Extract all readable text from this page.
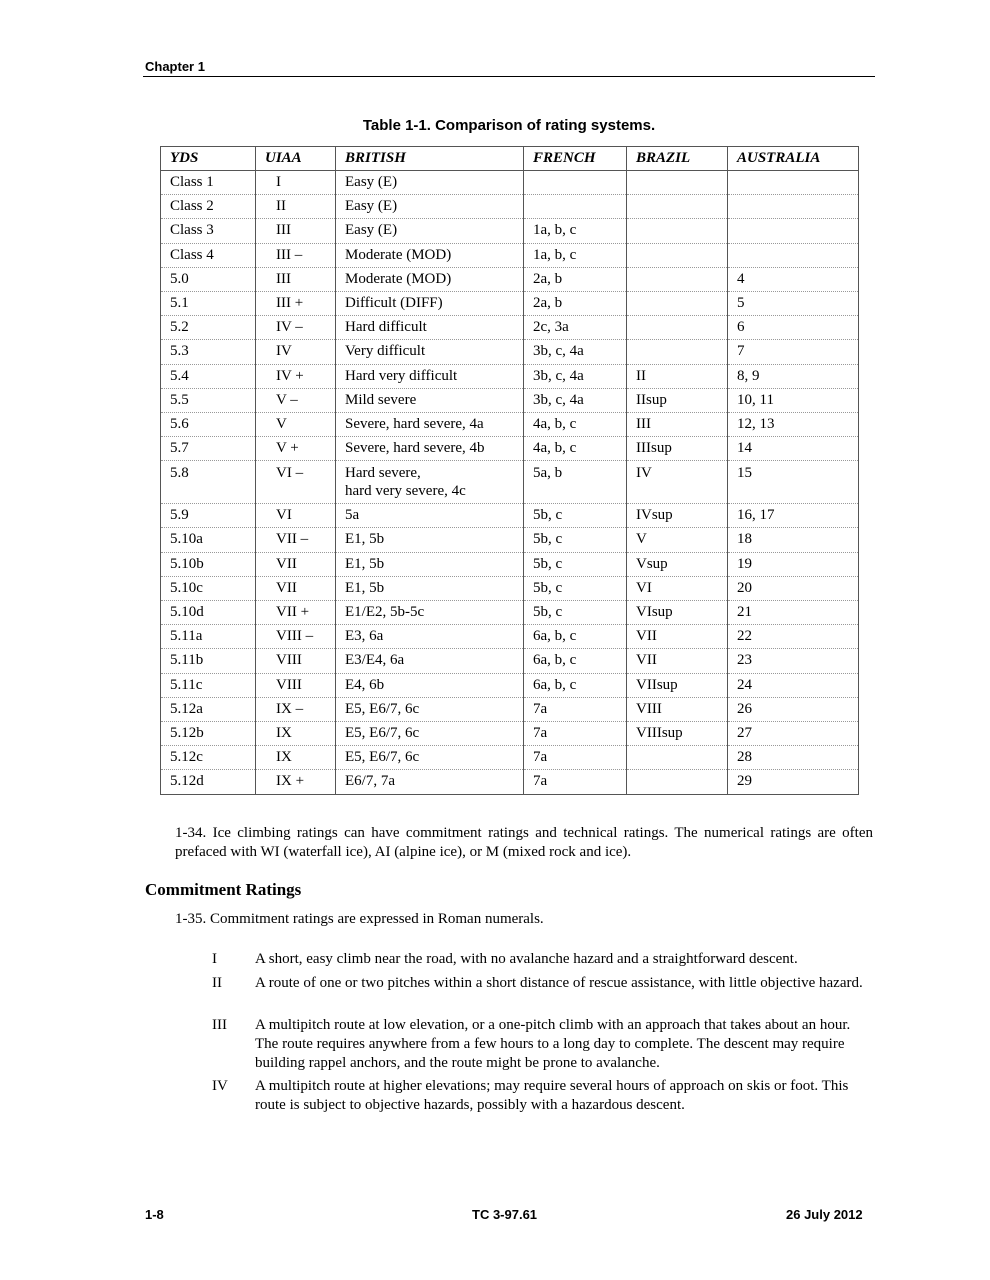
Chapter 1
Table 1-1. Comparison of rating systems.
YDS	UIAA	BRITISH	FRENCH	BRAZIL	AUSTRALIA
Class 1	I	Easy (E)			
Class 2	II	Easy (E)			
Class 3	III	Easy (E)	1a, b, c		
Class 4	III –	Moderate (MOD)	1a, b, c		
5.0	III	Moderate (MOD)	2a, b		4
5.1	III +	Difficult (DIFF)	2a, b		5
5.2	IV –	Hard difficult	2c, 3a		6
5.3	IV	Very difficult	3b, c, 4a		7
5.4	IV +	Hard very difficult	3b, c, 4a	II	8, 9
5.5	V –	Mild severe	3b, c, 4a	IIsup	10, 11
5.6	V	Severe, hard severe, 4a	4a, b, c	III	12, 13
5.7	V +	Severe, hard severe, 4b	4a, b, c	IIIsup	14
5.8	VI –	Hard severe,
hard very severe, 4c	5a, b	IV	15
5.9	VI	5a	5b, c	IVsup	16, 17
5.10a	VII –	E1, 5b	5b, c	V	18
5.10b	VII	E1, 5b	5b, c	Vsup	19
5.10c	VII	E1, 5b	5b, c	VI	20
5.10d	VII +	E1/E2, 5b-5c	5b, c	VIsup	21
5.11a	VIII –	E3, 6a	6a, b, c	VII	22
5.11b	VIII	E3/E4, 6a	6a, b, c	VII	23
5.11c	VIII	E4, 6b	6a, b, c	VIIsup	24
5.12a	IX –	E5, E6/7, 6c	7a	VIII	26
5.12b	IX	E5, E6/7, 6c	7a	VIIIsup	27
5.12c	IX	E5, E6/7, 6c	7a		28
5.12d	IX +	E6/7, 7a	7a		29
1-34. Ice climbing ratings can have commitment ratings and technical ratings. The numerical ratings are often prefaced with WI (waterfall ice), AI (alpine ice), or M (mixed rock and ice).
Commitment Ratings
1-35. Commitment ratings are expressed in Roman numerals.
I	A short, easy climb near the road, with no avalanche hazard and a straightforward descent.
II A route of one or two pitches within a short distance of rescue assistance, with little objective hazard.
III A multipitch route at low elevation, or a one-pitch climb with an approach that takes about an hour. The route requires anywhere from a few hours to a long day to complete. The descent may require building rappel anchors, and the route might be prone to avalanche.
IV A multipitch route at higher elevations; may require several hours of approach on skis or foot. This route is subject to objective hazards, possibly with a hazardous descent.
1-8	TC 3-97.61	26 July 2012
